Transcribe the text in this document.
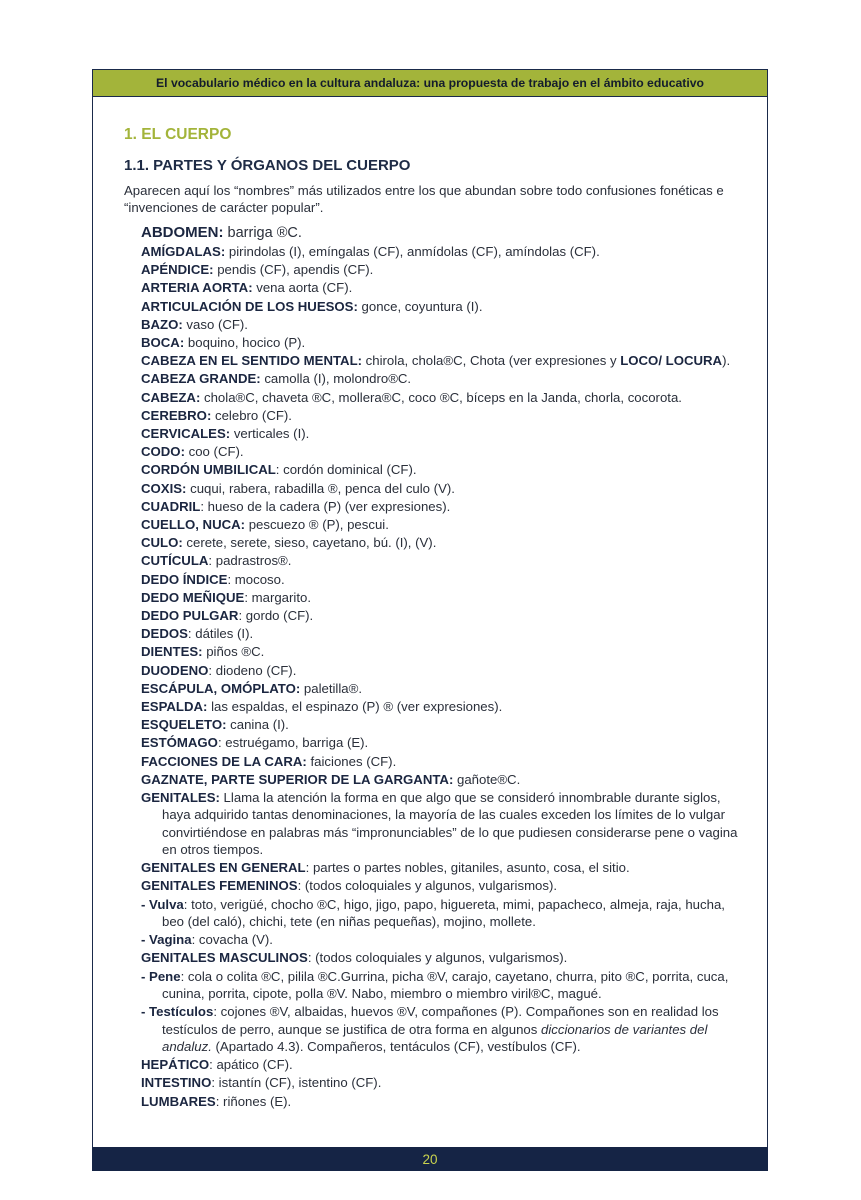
El vocabulario médico en la cultura andaluza: una propuesta de trabajo en el ámbito educativo
1. EL CUERPO
1.1. PARTES Y ÓRGANOS DEL CUERPO
Aparecen aquí los “nombres” más utilizados entre los que abundan sobre todo confusiones fonéticas e “invenciones de carácter popular”.
ABDOMEN: barriga ®C.
AMÍGDALAS: pirindolas (I), emíngalas (CF), anmídolas (CF), amíndolas (CF).
APÉNDICE: pendis (CF), apendis (CF).
ARTERIA AORTA: vena aorta (CF).
ARTICULACIÓN DE LOS HUESOS: gonce, coyuntura (I).
BAZO: vaso (CF).
BOCA: boquino, hocico (P).
CABEZA EN EL SENTIDO MENTAL: chirola, chola®C, Chota (ver expresiones y LOCO/ LOCURA).
CABEZA GRANDE: camolla (I), molondro®C.
CABEZA: chola®C, chaveta ®C, mollera®C, coco ®C, bíceps en la Janda, chorla, cocorota.
CEREBRO: celebro (CF).
CERVICALES: verticales (I).
CODO: coo (CF).
CORDÓN UMBILICAL: cordón dominical (CF).
COXIS: cuqui, rabera, rabadilla ®, penca del culo (V).
CUADRIL: hueso de la cadera (P) (ver expresiones).
CUELLO, NUCA: pescuezo ® (P), pescui.
CULO: cerete, serete, sieso, cayetano, bú. (I), (V).
CUTÍCULA: padrastros®.
DEDO ÍNDICE: mocoso.
DEDO MEÑIQUE: margarito.
DEDO PULGAR: gordo (CF).
DEDOS: dátiles (I).
DIENTES: piños ®C.
DUODENO: diodeno (CF).
ESCÁPULA, OMÓPLATO: paletilla®.
ESPALDA: las espaldas, el espinazo (P) ® (ver expresiones).
ESQUELETO: canina (I).
ESTÓMAGO: estruégamo, barriga (E).
FACCIONES DE LA CARA: faiciones (CF).
GAZNATE, PARTE SUPERIOR DE LA GARGANTA: gañote®C.
GENITALES: Llama la atención la forma en que algo que se consideró innombrable durante siglos, haya adquirido tantas denominaciones, la mayoría de las cuales exceden los límites de lo vulgar convirtiéndose en palabras más “impronunciables” de lo que pudiesen considerarse pene o vagina en otros tiempos.
GENITALES EN GENERAL: partes o partes nobles, gitaniles, asunto, cosa, el sitio.
GENITALES FEMENINOS: (todos coloquiales y algunos, vulgarismos).
- Vulva: toto, verigüé, chocho ®C, higo, jigo, papo, higuereta, mimi, papacheco, almeja, raja, hucha, beo (del caló), chichi, tete (en niñas pequeñas), mojino, mollete.
- Vagina: covacha (V).
GENITALES MASCULINOS: (todos coloquiales y algunos, vulgarismos).
- Pene: cola o colita ®C, pilila ®C.Gurrina, picha ®V, carajo, cayetano, churra, pito ®C, porrita, cuca, cunina, porrita, cipote, polla ®V. Nabo, miembro o miembro viril®C, magué.
- Testículos: cojones ®V, albaidas, huevos ®V, compañones (P). Compañones son en realidad los testículos de perro, aunque se justifica de otra forma en algunos diccionarios de variantes del andaluz. (Apartado 4.3). Compañeros, tentáculos (CF), vestíbulos (CF).
HEPÁTICO: apático (CF).
INTESTINO: istantín (CF), istentino (CF).
LUMBARES: riñones (E).
20
